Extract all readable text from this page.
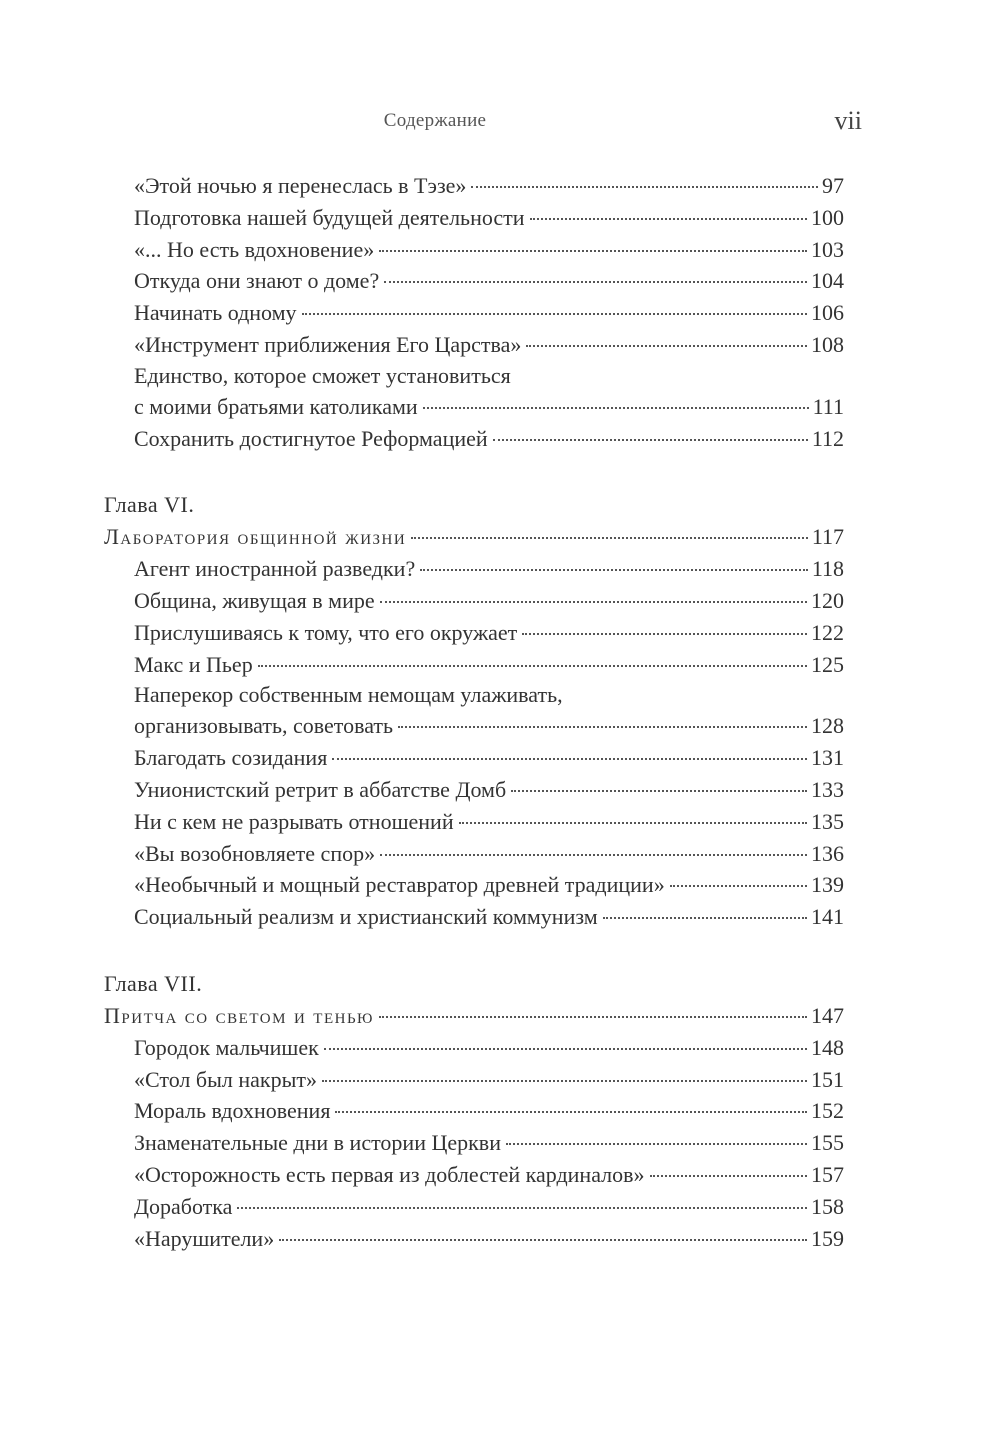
Содержание	vii
«Этой ночью я перенеслась в Тэзе»	97
Подготовка нашей будущей деятельности	100
«... Но есть вдохновение»	103
Откуда они знают о доме?	104
Начинать одному	106
«Инструмент приближения Его Царства»	108
Единство, которое сможет установиться
с моими братьями католиками	111
Сохранить достигнутое Реформацией	112
Глава VI.
Лаборатория общинной жизни	117
Агент иностранной разведки?	118
Община, живущая в мире	120
Прислушиваясь к тому, что его окружает	122
Макс и Пьер	125
Наперекор собственным немощам улаживать,
организовывать, советовать	128
Благодать созидания	131
Унионистский ретрит в аббатстве Домб	133
Ни с кем не разрывать отношений	135
«Вы возобновляете спор»	136
«Необычный и мощный реставратор древней традиции»	139
Социальный реализм и христианский коммунизм	141
Глава VII.
Притча со светом и тенью	147
Городок мальчишек	148
«Стол был накрыт»	151
Мораль вдохновения	152
Знаменательные дни в истории Церкви	155
«Осторожность есть первая из доблестей кардиналов»	157
Доработка	158
«Нарушители»	159
